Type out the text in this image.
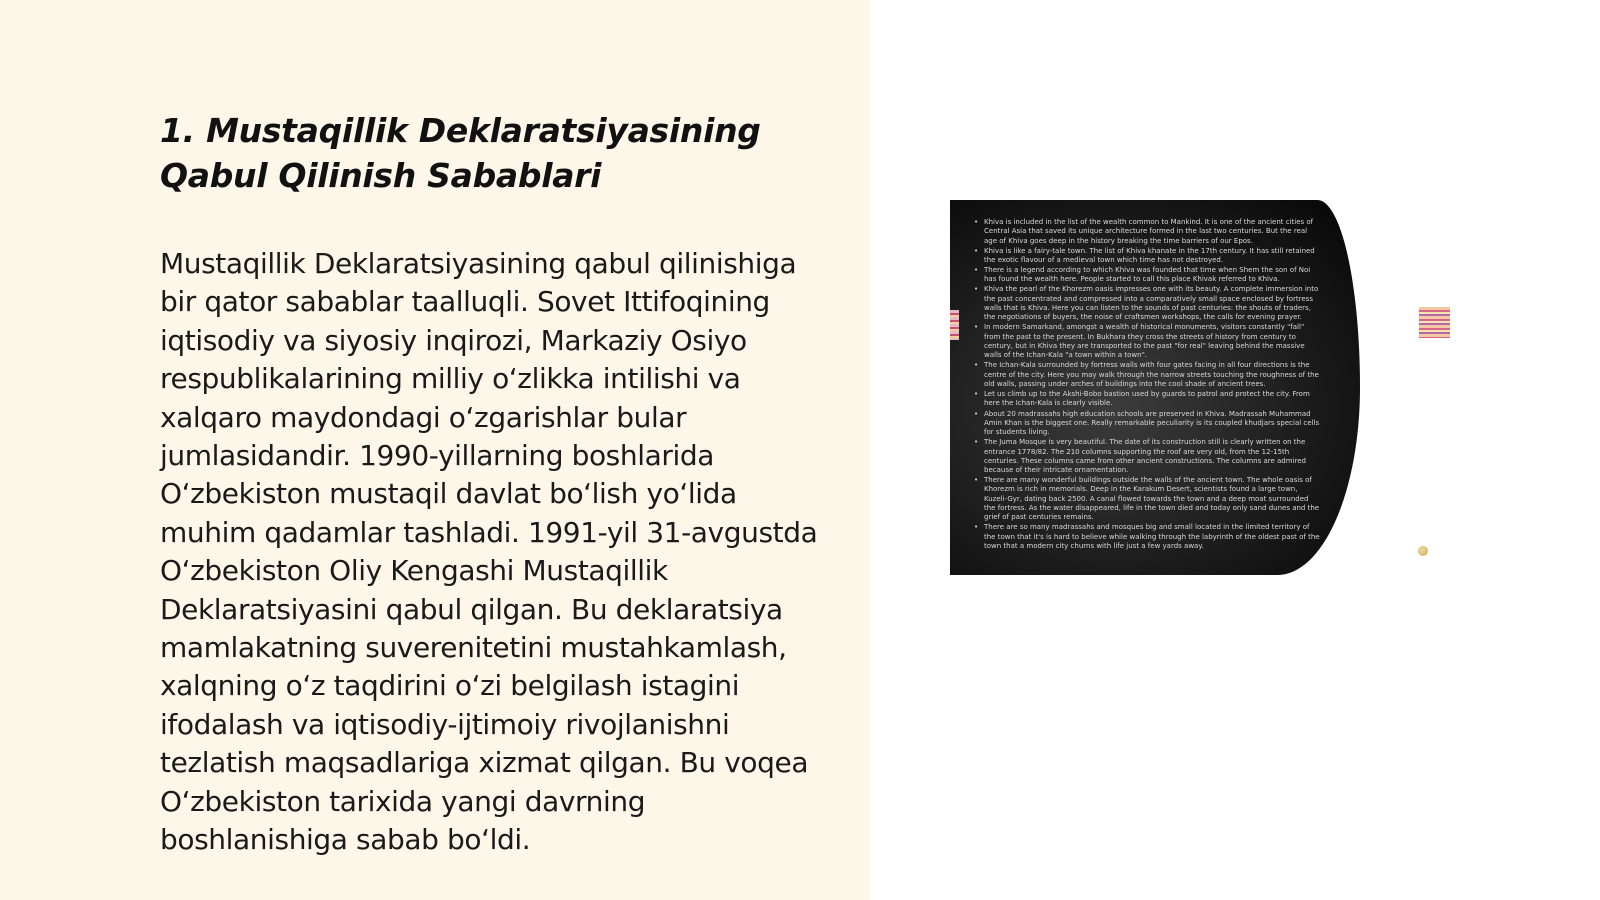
1. Mustaqillik Deklaratsiyasining
Qabul Qilinish Sabablari

Mustaqillik Deklaratsiyasining qabul qilinishiga bir qator sabablar taalluqli. Sovet Ittifoqining iqtisodiy va siyosiy inqirozi, Markaziy Osiyo respublikalarining milliy o‘zlikka intilishi va xalqaro maydondagi o‘zgarishlar bular jumlasidandir. 1990-yillarning boshlarida O‘zbekiston mustaqil davlat bo‘lish yo‘lida muhim qadamlar tashladi. 1991-yil 31-avgustda O‘zbekiston Oliy Kengashi Mustaqillik Deklaratsiyasini qabul qilgan. Bu deklaratsiya mamlakatning suverenitetini mustahkamlash, xalqning o‘z taqdirini o‘zi belgilash istagini ifodalash va iqtisodiy-ijtimoiy rivojlanishni tezlatish maqsadlariga xizmat qilgan. Bu voqea O‘zbekiston tarixida yangi davrning boshlanishiga sabab bo‘ldi.

• Khiva is included in the list of the wealth common to Mankind. It is one of the ancient cities of Central Asia that saved its unique architecture formed in the last two centuries. But the real age of Khiva goes deep in the history breaking the time barriers of our Epos.
• Khiva is like a fairy-tale town. The list of Khiva khanate in the 17th century. It has still retained the exotic flavour of a medieval town which time has not destroyed.
• There is a legend according to which Khiva was founded that time when Shem the son of Noi has found the wealth here. People started to call this place Khivak referred to Khiva.
• Khiva the pearl of the Khorezm oasis impresses one with its beauty. A complete immersion into the past concentrated and compressed into a comparatively small space enclosed by fortress walls that is Khiva. Here you can listen to the sounds of past centuries: the shouts of traders, the negotiations of buyers, the noise of craftsmen workshops, the calls for evening prayer.
• In modern Samarkand, amongst a wealth of historical monuments, visitors constantly "fall" from the past to the present. In Bukhara they cross the streets of history from century to century, but in Khiva they are transported to the past "for real" leaving behind the massive walls of the Ichan-Kala "a town within a town".
• The Ichan-Kala surrounded by fortress walls with four gates facing in all four directions is the centre of the city. Here you may walk through the narrow streets touching the roughness of the old walls, passing under arches of buildings into the cool shade of ancient trees.
• Let us climb up to the Akshi-Bobo bastion used by guards to patrol and protect the city. From here the Ichan-Kala is clearly visible.
• About 20 madrassahs high education schools are preserved in Khiva. Madrassah Muhammad Amin Khan is the biggest one. Really remarkable peculiarity is its coupled khudjars special cells for students living.
• The Juma Mosque is very beautiful. The date of its construction still is clearly written on the entrance 1778/82. The 210 columns supporting the roof are very old, from the 12-15th centuries. These columns came from other ancient constructions. The columns are admired because of their intricate ornamentation.
• There are many wonderful buildings outside the walls of the ancient town. The whole oasis of Khorezm is rich in memorials. Deep in the Karakum Desert, scientists found a large town, Kuzeli-Gyr, dating back 2500. A canal flowed towards the town and a deep moat surrounded the fortress. As the water disappeared, life in the town died and today only sand dunes and the grief of past centuries remains.
• There are so many madrassahs and mosques big and small located in the limited territory of the town that it's is hard to believe while walking through the labyrinth of the oldest past of the town that a modern city churns with life just a few yards away.
